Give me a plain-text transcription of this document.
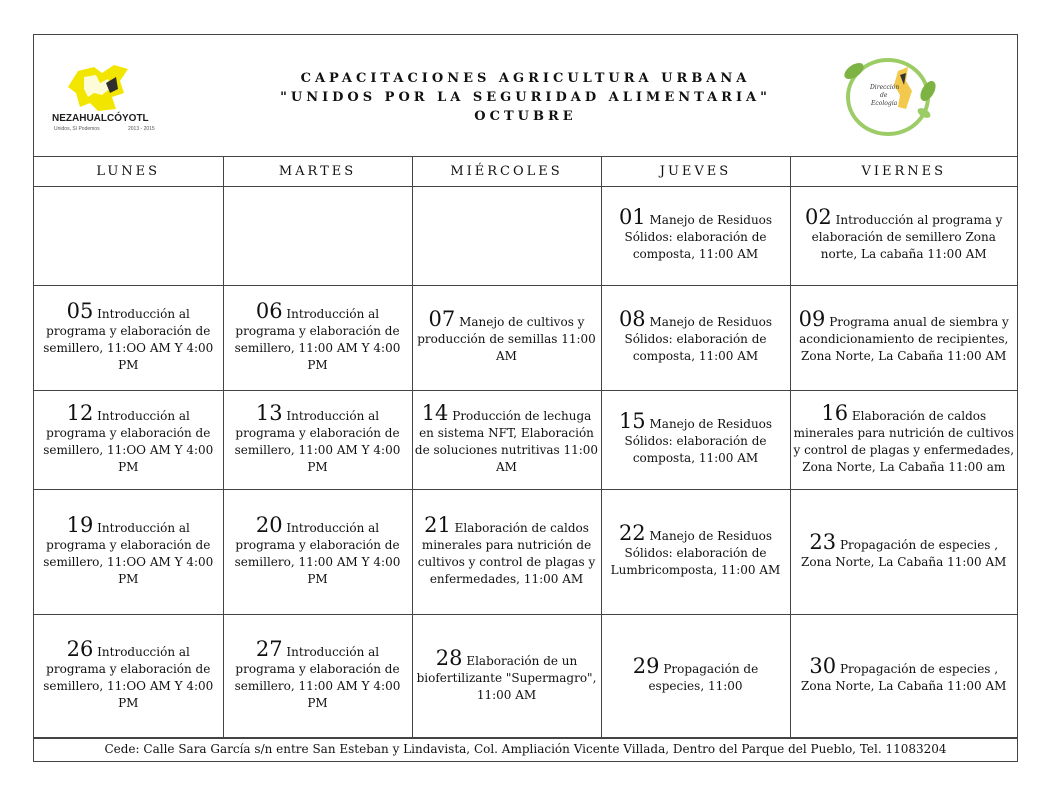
NEZAHUALCÓYOTL
Unidos, Sí Podemos	2013 - 2015
CAPACITACIONES AGRICULTURA URBANA
"UNIDOS POR LA SEGURIDAD ALIMENTARIA"
OCTUBRE
Dirección
de
Ecología
LUNES	MARTES	MIÉRCOLES	JUEVES	VIERNES
			01 Manejo de Residuos Sólidos: elaboración de composta, 11:00 AM	02 Introducción al programa y elaboración de semillero Zona norte, La cabaña 11:00 AM
05 Introducción al programa y elaboración de semillero, 11:OO AM Y 4:00 PM	06 Introducción al programa y elaboración de semillero, 11:00 AM Y 4:00 PM	07 Manejo de cultivos y producción de semillas 11:00 AM	08 Manejo de Residuos Sólidos: elaboración de composta, 11:00 AM	09 Programa anual de siembra y acondicionamiento de recipientes, Zona Norte, La Cabaña 11:00 AM
12 Introducción al programa y elaboración de semillero, 11:OO AM Y 4:00 PM	13 Introducción al programa y elaboración de semillero, 11:00 AM Y 4:00 PM	14 Producción de lechuga en sistema NFT, Elaboración de soluciones nutritivas 11:00 AM	15 Manejo de Residuos Sólidos: elaboración de composta, 11:00 AM	16 Elaboración de caldos minerales para nutrición de cultivos y control de plagas y enfermedades, Zona Norte, La Cabaña 11:00 am
19 Introducción al programa y elaboración de semillero, 11:OO AM Y 4:00 PM	20 Introducción al programa y elaboración de semillero, 11:00 AM Y 4:00 PM	21 Elaboración de caldos minerales para nutrición de cultivos y control de plagas y enfermedades, 11:00 AM	22 Manejo de Residuos Sólidos: elaboración de Lumbricomposta, 11:00 AM	23 Propagación de especies , Zona Norte, La Cabaña 11:00 AM
26 Introducción al programa y elaboración de semillero, 11:OO AM Y 4:00 PM	27 Introducción al programa y elaboración de semillero, 11:00 AM Y 4:00 PM	28 Elaboración de un biofertilizante "Supermagro", 11:00 AM	29 Propagación de especies, 11:00	30 Propagación de especies , Zona Norte, La Cabaña 11:00 AM
Cede: Calle Sara García s/n entre San Esteban y Lindavista, Col. Ampliación Vicente Villada, Dentro del Parque del Pueblo, Tel. 11083204
